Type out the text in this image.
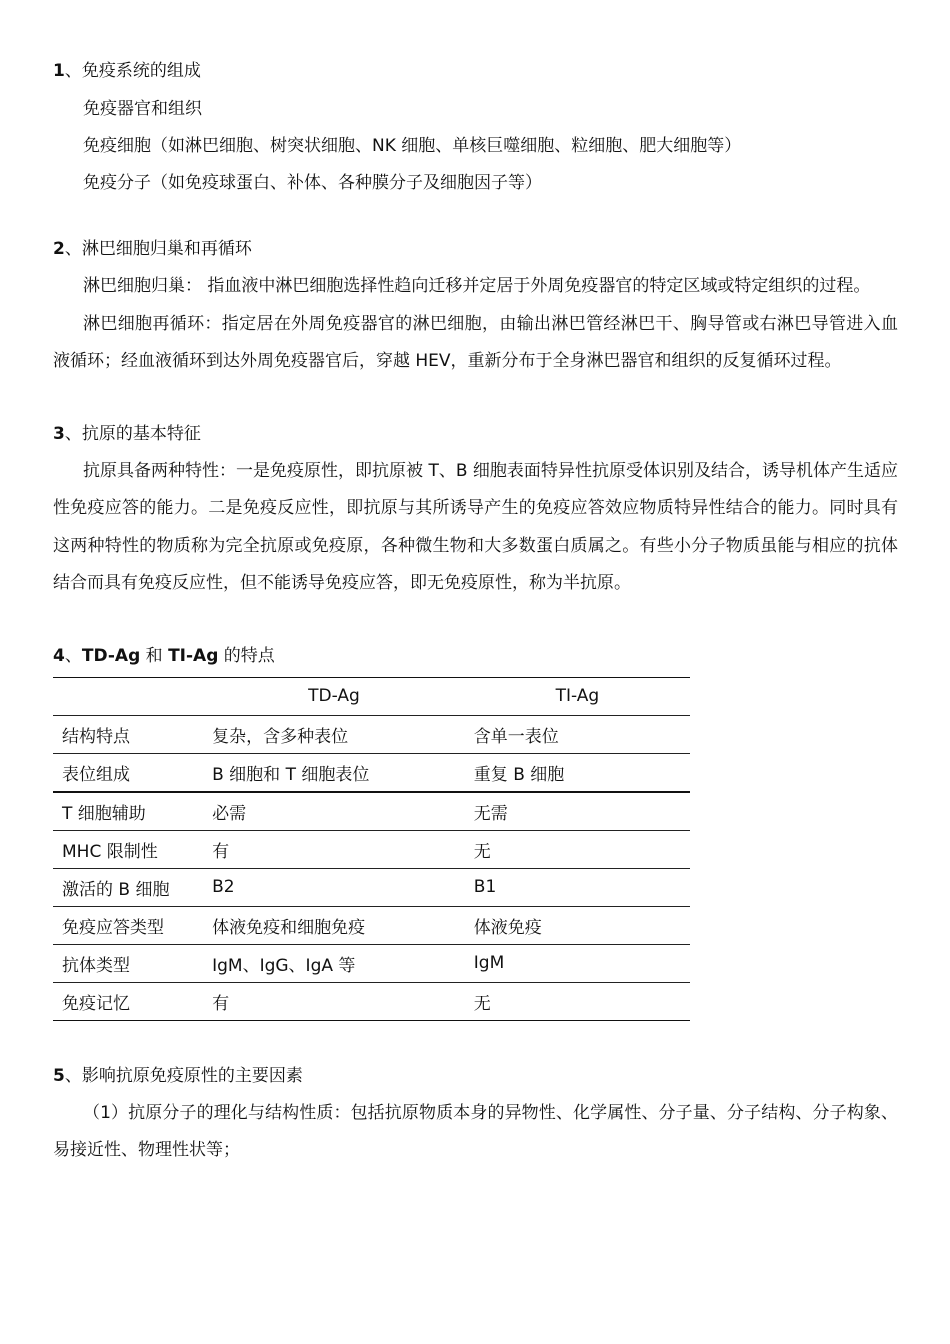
1、免疫系统的组成

免疫器官和组织

免疫细胞（如淋巴细胞、树突状细胞、NK 细胞、单核巨噬细胞、粒细胞、肥大细胞等）

免疫分子（如免疫球蛋白、补体、各种膜分子及细胞因子等）

2、淋巴细胞归巢和再循环

淋巴细胞归巢： 指血液中淋巴细胞选择性趋向迁移并定居于外周免疫器官的特定区域或特定组织的过程。

淋巴细胞再循环：指定居在外周免疫器官的淋巴细胞，由输出淋巴管经淋巴干、胸导管或右淋巴导管进入血液循环；经血液循环到达外周免疫器官后，穿越 HEV，重新分布于全身淋巴器官和组织的反复循环过程。

3、抗原的基本特征

抗原具备两种特性：一是免疫原性，即抗原被 T、B 细胞表面特异性抗原受体识别及结合，诱导机体产生适应性免疫应答的能力。二是免疫反应性，即抗原与其所诱导产生的免疫应答效应物质特异性结合的能力。同时具有这两种特性的物质称为完全抗原或免疫原，各种微生物和大多数蛋白质属之。有些小分子物质虽能与相应的抗体结合而具有免疫反应性，但不能诱导免疫应答，即无免疫原性，称为半抗原。

4、TD-Ag 和 TI-Ag 的特点

	TD-Ag	TI-Ag
结构特点	复杂，含多种表位	含单一表位
表位组成	B 细胞和 T 细胞表位	重复 B 细胞
T 细胞辅助	必需	无需
MHC 限制性	有	无
激活的 B 细胞	B2	B1
免疫应答类型	体液免疫和细胞免疫	体液免疫
抗体类型	IgM、IgG、IgA 等	IgM
免疫记忆	有	无

5、影响抗原免疫原性的主要因素

（1）抗原分子的理化与结构性质：包括抗原物质本身的异物性、化学属性、分子量、分子结构、分子构象、易接近性、物理性状等；
